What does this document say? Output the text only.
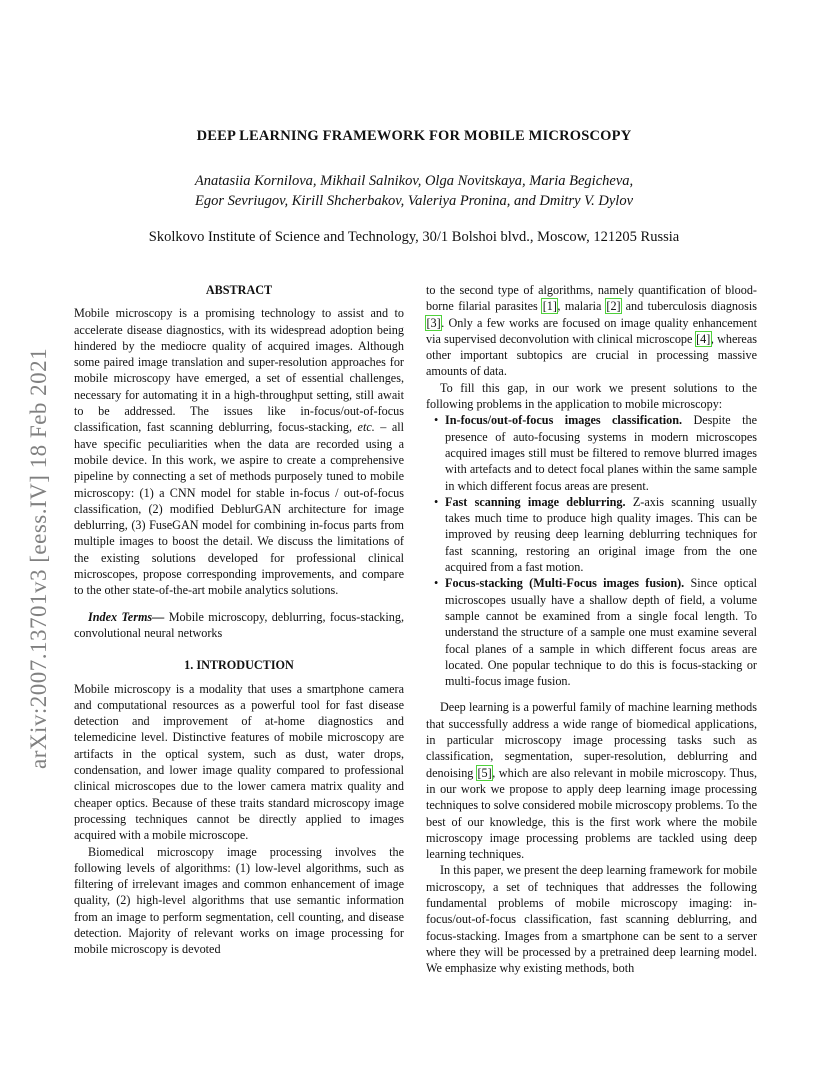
arXiv:2007.13701v3 [eess.IV] 18 Feb 2021
DEEP LEARNING FRAMEWORK FOR MOBILE MICROSCOPY
Anatasiia Kornilova, Mikhail Salnikov, Olga Novitskaya, Maria Begicheva,
Egor Sevriugov, Kirill Shcherbakov, Valeriya Pronina, and Dmitry V. Dylov
Skolkovo Institute of Science and Technology, 30/1 Bolshoi blvd., Moscow, 121205 Russia
ABSTRACT

Mobile microscopy is a promising technology to assist and to accelerate disease diagnostics, with its widespread adoption being hindered by the mediocre quality of acquired images. Although some paired image translation and super-resolution approaches for mobile microscopy have emerged, a set of essential challenges, necessary for automating it in a high-throughput setting, still await to be addressed. The issues like in-focus/out-of-focus classification, fast scanning deblurring, focus-stacking, etc. – all have specific peculiarities when the data are recorded using a mobile device. In this work, we aspire to create a comprehensive pipeline by connecting a set of methods purposely tuned to mobile microscopy: (1) a CNN model for stable in-focus / out-of-focus classification, (2) modified DeblurGAN architecture for image deblurring, (3) FuseGAN model for combining in-focus parts from multiple images to boost the detail. We discuss the limitations of the existing solutions developed for professional clinical microscopes, propose corresponding improvements, and compare to the other state-of-the-art mobile analytics solutions.

Index Terms— Mobile microscopy, deblurring, focus-stacking, convolutional neural networks

1. INTRODUCTION

Mobile microscopy is a modality that uses a smartphone camera and computational resources as a powerful tool for fast disease detection and improvement of at-home diagnostics and telemedicine level. Distinctive features of mobile microscopy are artifacts in the optical system, such as dust, water drops, condensation, and lower image quality compared to professional clinical microscopes due to the lower camera matrix quality and cheaper optics. Because of these traits standard microscopy image processing techniques cannot be directly applied to images acquired with a mobile microscope.

Biomedical microscopy image processing involves the following levels of algorithms: (1) low-level algorithms, such as filtering of irrelevant images and common enhancement of image quality, (2) high-level algorithms that use semantic information from an image to perform segmentation, cell counting, and disease detection. Majority of relevant works on image processing for mobile microscopy is devoted

to the second type of algorithms, namely quantification of blood-borne filarial parasites [1], malaria [2] and tuberculosis diagnosis [3]. Only a few works are focused on image quality enhancement via supervised deconvolution with clinical microscope [4], whereas other important subtopics are crucial in processing massive amounts of data.

To fill this gap, in our work we present solutions to the following problems in the application to mobile microscopy:

• In-focus/out-of-focus images classification. Despite the presence of auto-focusing systems in modern microscopes acquired images still must be filtered to remove blurred images with artefacts and to detect focal planes within the same sample in which different focus areas are present.
• Fast scanning image deblurring. Z-axis scanning usually takes much time to produce high quality images. This can be improved by reusing deep learning deblurring techniques for fast scanning, restoring an original image from the one acquired from a fast motion.
• Focus-stacking (Multi-Focus images fusion). Since optical microscopes usually have a shallow depth of field, a volume sample cannot be examined from a single focal length. To understand the structure of a sample one must examine several focal planes of a sample in which different focus areas are located. One popular technique to do this is focus-stacking or multi-focus image fusion.

Deep learning is a powerful family of machine learning methods that successfully address a wide range of biomedical applications, in particular microscopy image processing tasks such as classification, segmentation, super-resolution, deblurring and denoising [5], which are also relevant in mobile microscopy. Thus, in our work we propose to apply deep learning image processing techniques to solve considered mobile microscopy problems. To the best of our knowledge, this is the first work where the mobile microscopy image processing problems are tackled using deep learning techniques.

In this paper, we present the deep learning framework for mobile microscopy, a set of techniques that addresses the following fundamental problems of mobile microscopy imaging: in-focus/out-of-focus classification, fast scanning deblurring, and focus-stacking. Images from a smartphone can be sent to a server where they will be processed by a pretrained deep learning model. We emphasize why existing methods, both
